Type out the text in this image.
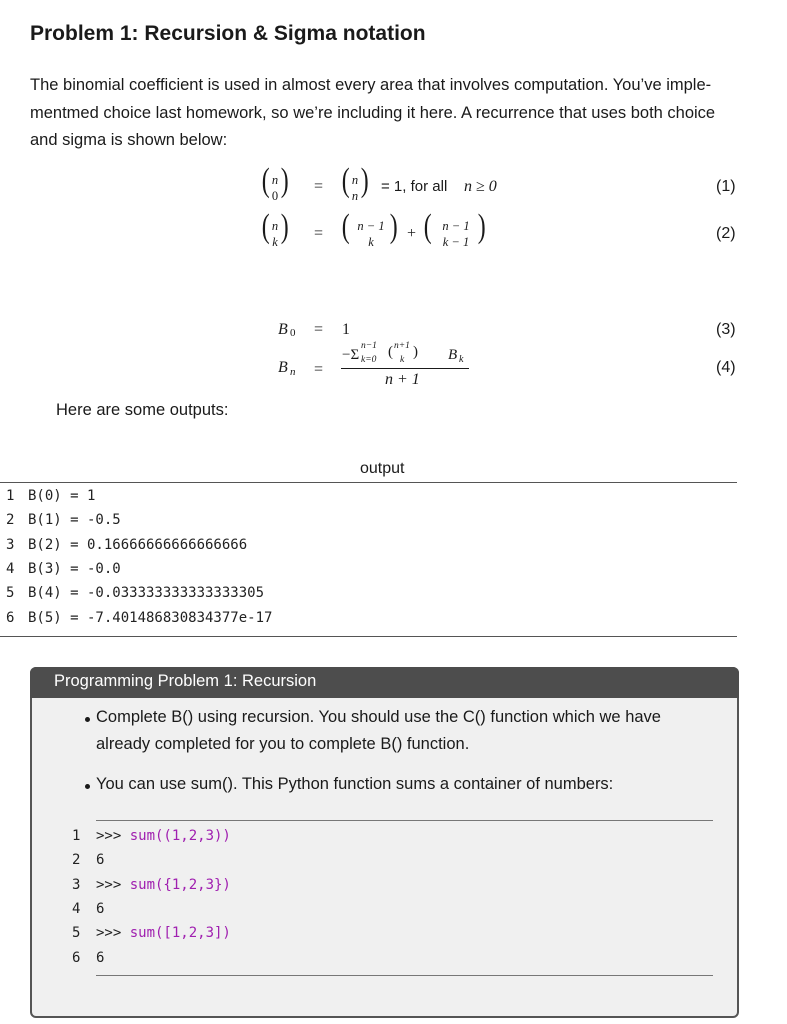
Problem 1: Recursion & Sigma notation
The binomial coefficient is used in almost every area that involves computation. You’ve imple-
mentmed choice last homework, so we’re including it here. A recurrence that uses both choice
and sigma is shown below:
( n
0 ) = ( n
n ) = 1, for all n ≥ 0	(1)
( n
k ) = ( n − 1
k ) + ( n − 1
k − 1 )	(2)
B 0 = 1	(3)
B n =
−Σ
n−1
k=0 ( n+1
k ) B k
n + 1
(4)
Here are some outputs:
output
1 B(0) = 1
2 B(1) = -0.5
3 B(2) = 0.16666666666666666
4 B(3) = -0.0
5 B(4) = -0.033333333333333305
6 B(5) = -7.401486830834377e-17
Programming Problem 1: Recursion
Complete B() using recursion. You should use the C() function which we have
already completed for you to complete B() function.
You can use sum(). This Python function sums a container of numbers:
1 >>> sum((1,2,3))
2 6
3 >>> sum({1,2,3})
4 6
5 >>> sum([1,2,3])
6 6
